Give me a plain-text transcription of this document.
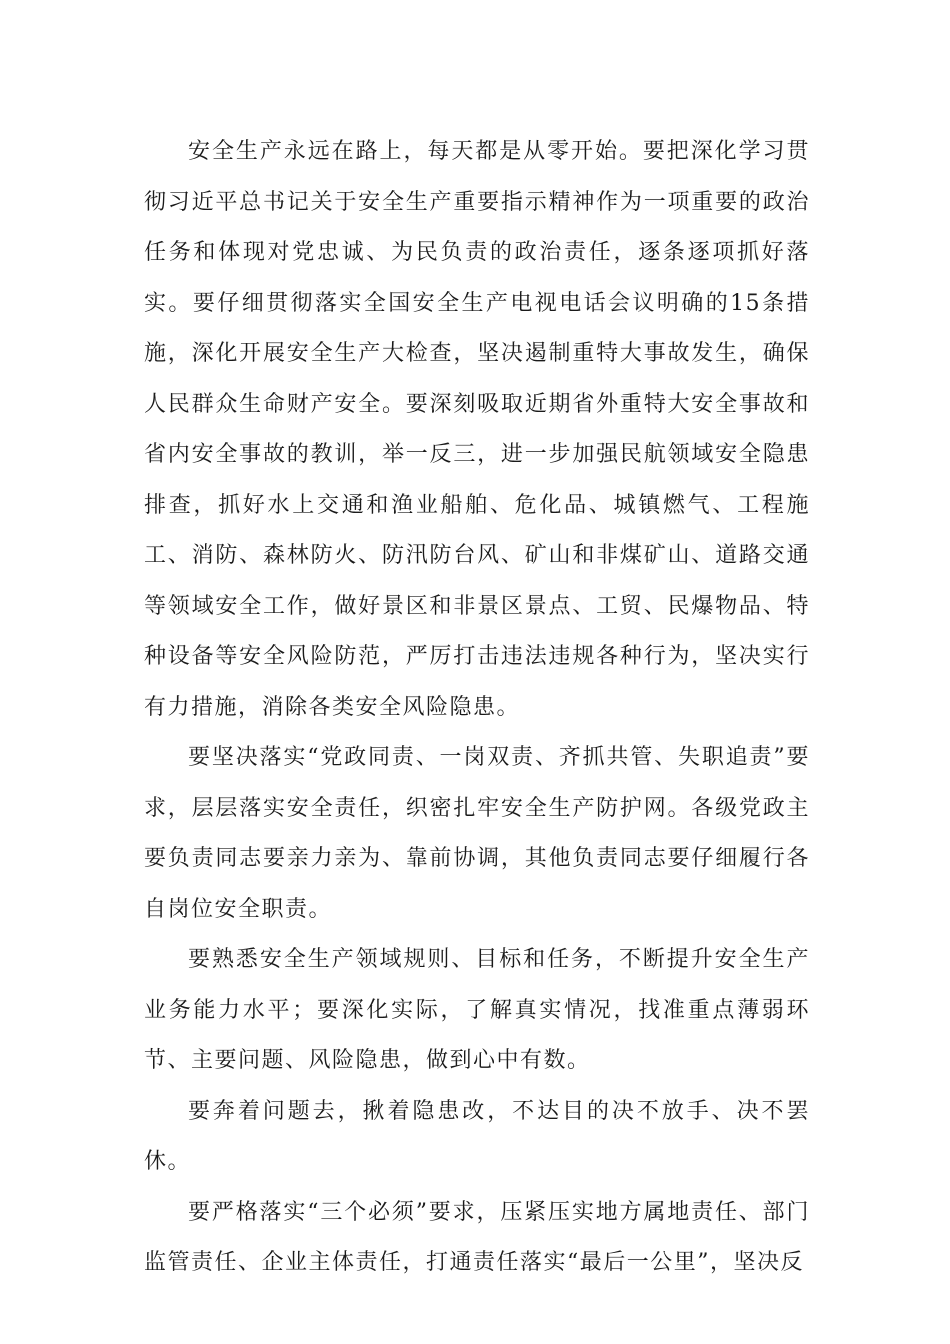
安全生产永远在路上，每天都是从零开始。要把深化学习贯彻习近平总书记关于安全生产重要指示精神作为一项重要的政治任务和体现对党忠诚、为民负责的政治责任，逐条逐项抓好落实。要仔细贯彻落实全国安全生产电视电话会议明确的15条措施，深化开展安全生产大检查，坚决遏制重特大事故发生，确保人民群众生命财产安全。要深刻吸取近期省外重特大安全事故和省内安全事故的教训，举一反三，进一步加强民航领域安全隐患排查，抓好水上交通和渔业船舶、危化品、城镇燃气、工程施工、消防、森林防火、防汛防台风、矿山和非煤矿山、道路交通等领域安全工作，做好景区和非景区景点、工贸、民爆物品、特种设备等安全风险防范，严厉打击违法违规各种行为，坚决实行有力措施，消除各类安全风险隐患。

要坚决落实“党政同责、一岗双责、齐抓共管、失职追责”要求，层层落实安全责任，织密扎牢安全生产防护网。各级党政主要负责同志要亲力亲为、靠前协调，其他负责同志要仔细履行各自岗位安全职责。

要熟悉安全生产领域规则、目标和任务，不断提升安全生产业务能力水平；要深化实际，了解真实情况，找准重点薄弱环节、主要问题、风险隐患，做到心中有数。

要奔着问题去，揪着隐患改，不达目的决不放手、决不罢休。

要严格落实“三个必须”要求，压紧压实地方属地责任、部门监管责任、企业主体责任，打通责任落实“最后一公里”，坚决反
